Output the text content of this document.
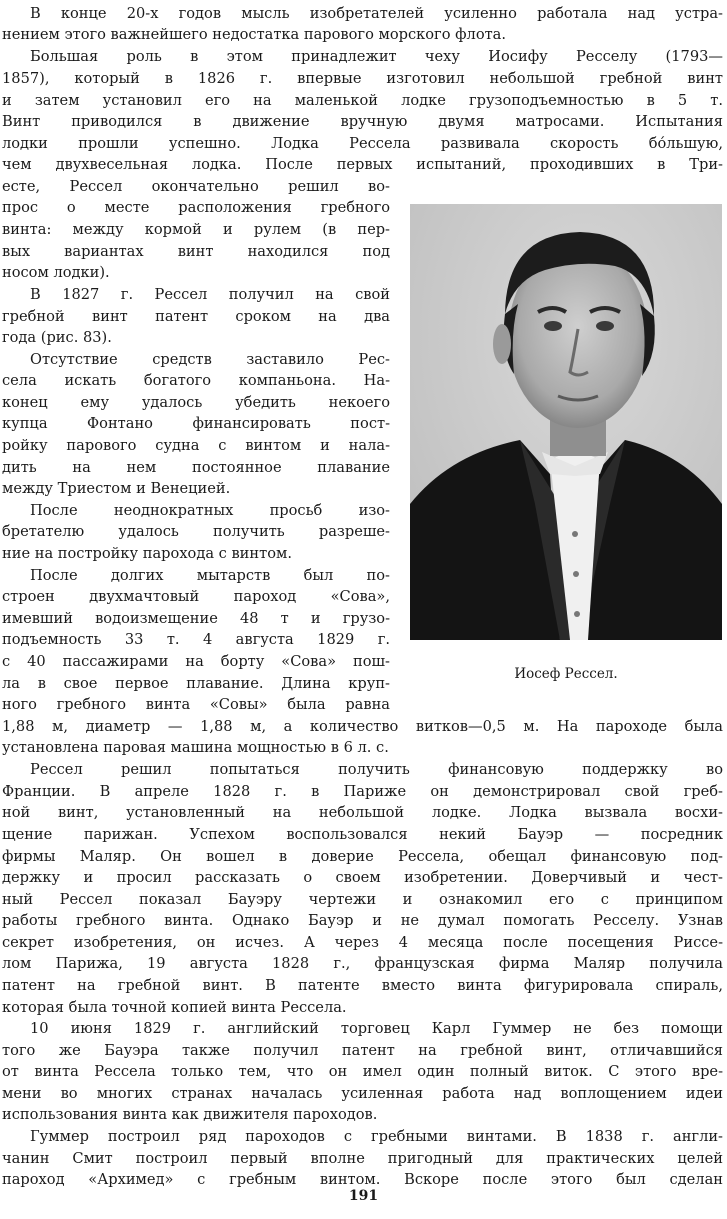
В конце 20-х годов мысль изобретателей усиленно работала над устра-
нением этого важнейшего недостатка парового морского флота.
Большая роль в этом принадлежит чеху Иосифу Ресселу (1793—
1857), который в 1826 г. впервые изготовил небольшой гребной винт
и затем установил его на маленькой лодке грузоподъемностью в 5 т.
Винт приводился в движение вручную двумя матросами. Испытания
лодки прошли успешно. Лодка Рессела развивала скорость бо́льшую,
чем двухвесельная лодка. После первых испытаний, проходивших в Три-
есте, Рессел окончательно решил во-
прос о месте расположения гребного
винта: между кормой и рулем (в пер-
вых вариантах винт находился под
носом лодки).
В 1827 г. Рессел получил на свой
гребной винт патент сроком на два
года (рис. 83).
Отсутствие средств заставило Рес-
села искать богатого компаньона. На-
конец ему удалось убедить некоего
купца Фонтано финансировать пост-
ройку парового судна с винтом и нала-
дить на нем постоянное плавание
между Триестом и Венецией.
После неоднократных просьб изо-
бретателю удалось получить разреше-
ние на постройку парохода с винтом.
После долгих мытарств был по-
строен двухмачтовый пароход «Сова»,
имевший водоизмещение 48 т и грузо-
подъемность 33 т. 4 августа 1829 г.
с 40 пассажирами на борту «Сова» пош-
ла в свое первое плавание. Длина круп-
ного гребного винта «Совы» была равна
1,88 м, диаметр — 1,88 м, а количество витков—0,5 м. На пароходе была
установлена паровая машина мощностью в 6 л. с.
Рессел решил попытаться получить финансовую поддержку во
Франции. В апреле 1828 г. в Париже он демонстрировал свой греб-
ной винт, установленный на небольшой лодке. Лодка вызвала восхи-
щение парижан. Успехом воспользовался некий Бауэр — посредник
фирмы Маляр. Он вошел в доверие Рессела, обещал финансовую под-
держку и просил рассказать о своем изобретении. Доверчивый и чест-
ный Рессел показал Бауэру чертежи и ознакомил его с принципом
работы гребного винта. Однако Бауэр и не думал помогать Ресселу. Узнав
секрет изобретения, он исчез. А через 4 месяца после посещения Риссе-
лом Парижа, 19 августа 1828 г., французская фирма Маляр получила
патент на гребной винт. В патенте вместо винта фигурировала спираль,
которая была точной копией винта Рессела.
10 июня 1829 г. английский торговец Карл Гуммер не без помощи
того же Бауэра также получил патент на гребной винт, отличавшийся
от винта Рессела только тем, что он имел один полный виток. С этого вре-
мени во многих странах началась усиленная работа над воплощением идеи
использования винта как движителя пароходов.
Гуммер построил ряд пароходов с гребными винтами. В 1838 г. англи-
чанин Смит построил первый вполне пригодный для практических целей
пароход «Архимед» с гребным винтом. Вскоре после этого был сделан
Иосеф Рессел.
191
